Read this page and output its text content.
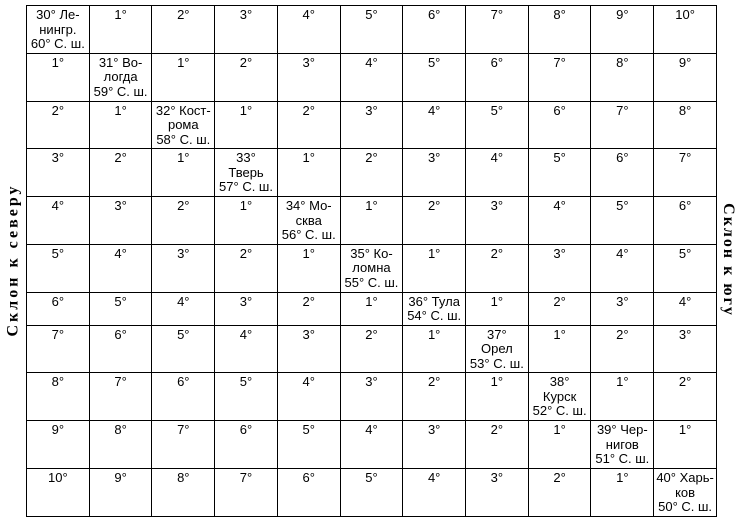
Склон к северу
30° Ле-
нингр.
60° С. ш.	1°	2°	3°	4°	5°	6°	7°	8°	9°	10°
1°	31° Во-
логда
59° С. ш.	1°	2°	3°	4°	5°	6°	7°	8°	9°
2°	1°	32° Кост-
рома
58° С. ш.	1°	2°	3°	4°	5°	6°	7°	8°
3°	2°	1°	33°
Тверь
57° С. ш.	1°	2°	3°	4°	5°	6°	7°
4°	3°	2°	1°	34° Мо-
сква
56° С. ш.	1°	2°	3°	4°	5°	6°
5°	4°	3°	2°	1°	35° Ко-
ломна
55° С. ш.	1°	2°	3°	4°	5°
6°	5°	4°	3°	2°	1°	36° Тула
54° С. ш.	1°	2°	3°	4°
7°	6°	5°	4°	3°	2°	1°	37°
Орел
53° С. ш.	1°	2°	3°
8°	7°	6°	5°	4°	3°	2°	1°	38°
Курск
52° С. ш.	1°	2°
9°	8°	7°	6°	5°	4°	3°	2°	1°	39° Чер-
нигов
51° С. ш.	1°
10°	9°	8°	7°	6°	5°	4°	3°	2°	1°	40° Харь-
ков
50° С. ш.
Склон к югу
